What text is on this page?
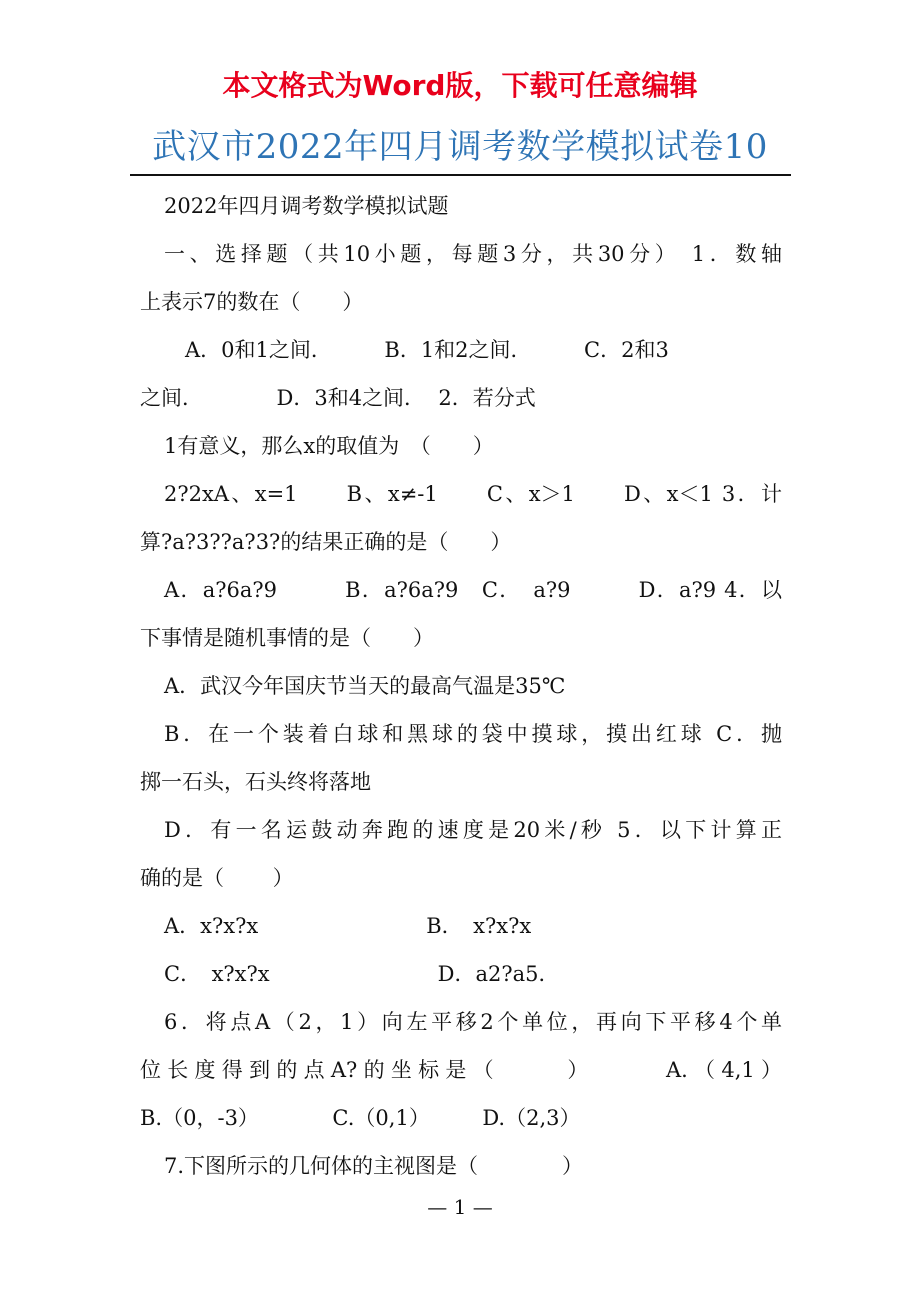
本文格式为Word版，下载可任意编辑
武汉市2022年四月调考数学模拟试卷10
2022年四月调考数学模拟试题
一、选择题（共10小题，每题3分，共30分） 1．数轴
上表示7的数在（　　）
　A．0和1之间．　　　B．1和2之间．　　　C．2和3
之间．　　　　D．3和4之间．  2．若分式
1有意义，那么x的取值为　（　　）
2?2xA、x=1　　B、x≠-1　　C、x＞1　　D、x＜1 3．计
算?a?3??a?3?的结果正确的是（　　）
A．a?6a?9　　　B．a?6a?9　C．　a?9　　　D．a?9 4．以
下事情是随机事情的是（　　）
A．武汉今年国庆节当天的最高气温是35℃
B．在一个装着白球和黑球的袋中摸球，摸出红球 C．抛
掷一石头，石头终将落地
D．有一名运鼓动奔跑的速度是20米/秒 5．以下计算正
确的是（　　 ）
A．x?x?x　　　　　　　　B．　x?x?x
C．　x?x?x　　　　　　　　D．a2?a5．
6．将点A（2，1）向左平移2个单位，再向下平移4个单
位长度得到的点A?的坐标是（　　 ）　　　A.（4,1）
B.（0，-3）　　　　C.（0,1）　　　D.（2,3）
7.下图所示的几何体的主视图是（　　　　）
— 1 —
